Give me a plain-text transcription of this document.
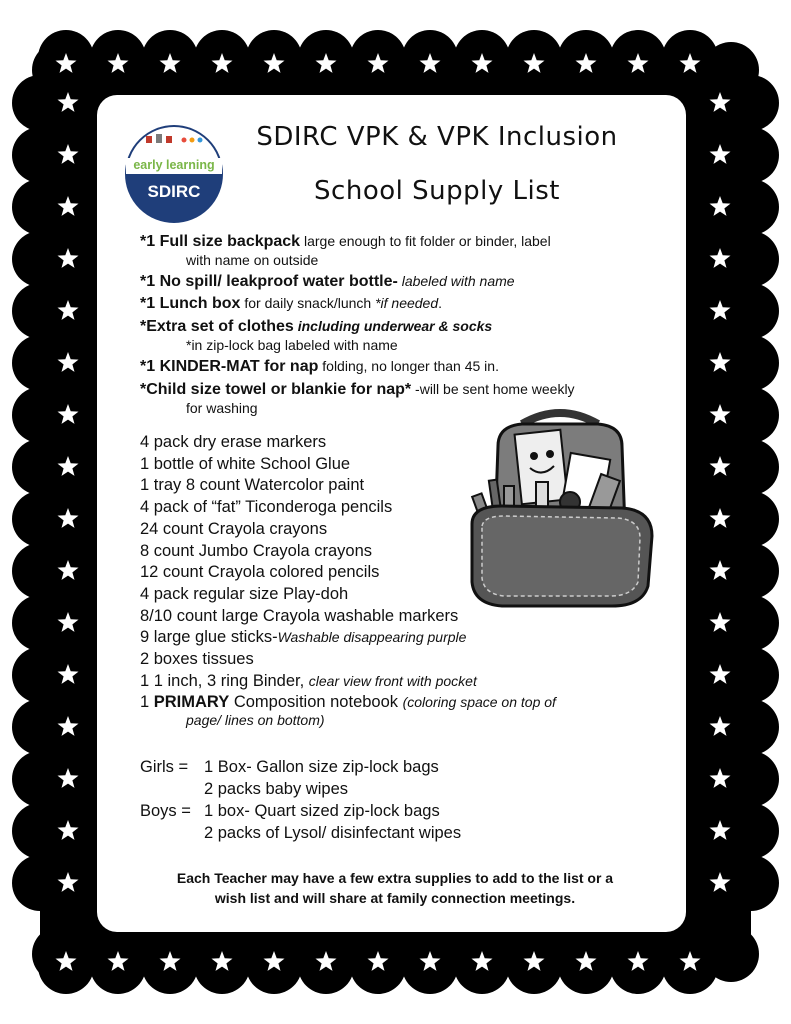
early learning
SDIRC
SDIRC VPK & VPK Inclusion
School Supply List
*1 Full size backpack large enough to fit folder or binder, label
with name on outside
*1 No spill/ leakproof water bottle- labeled with name
*1 Lunch box for daily snack/lunch *if needed.
*Extra set of clothes including underwear & socks
*in zip-lock bag labeled with name
*1 KINDER-MAT for nap folding, no longer than 45 in.
*Child size towel or blankie for nap* -will be sent home weekly
for washing
4 pack dry erase markers
1 bottle of white School Glue
1 tray 8 count Watercolor paint
4 pack of “fat” Ticonderoga pencils
24 count Crayola crayons
8 count Jumbo Crayola crayons
12 count Crayola colored pencils
4 pack regular size Play-doh
8/10 count large Crayola washable markers
9 large glue sticks-Washable disappearing purple
2 boxes tissues
1 1 inch, 3 ring Binder, clear view front with pocket
1 PRIMARY Composition notebook (coloring space on top of
page/ lines on bottom)
Girls = 1 Box- Gallon size zip-lock bags
2 packs baby wipes
Boys = 1 box- Quart sized zip-lock bags
2 packs of Lysol/ disinfectant wipes
Each Teacher may have a few extra supplies to add to the list or a
wish list and will share at family connection meetings.
